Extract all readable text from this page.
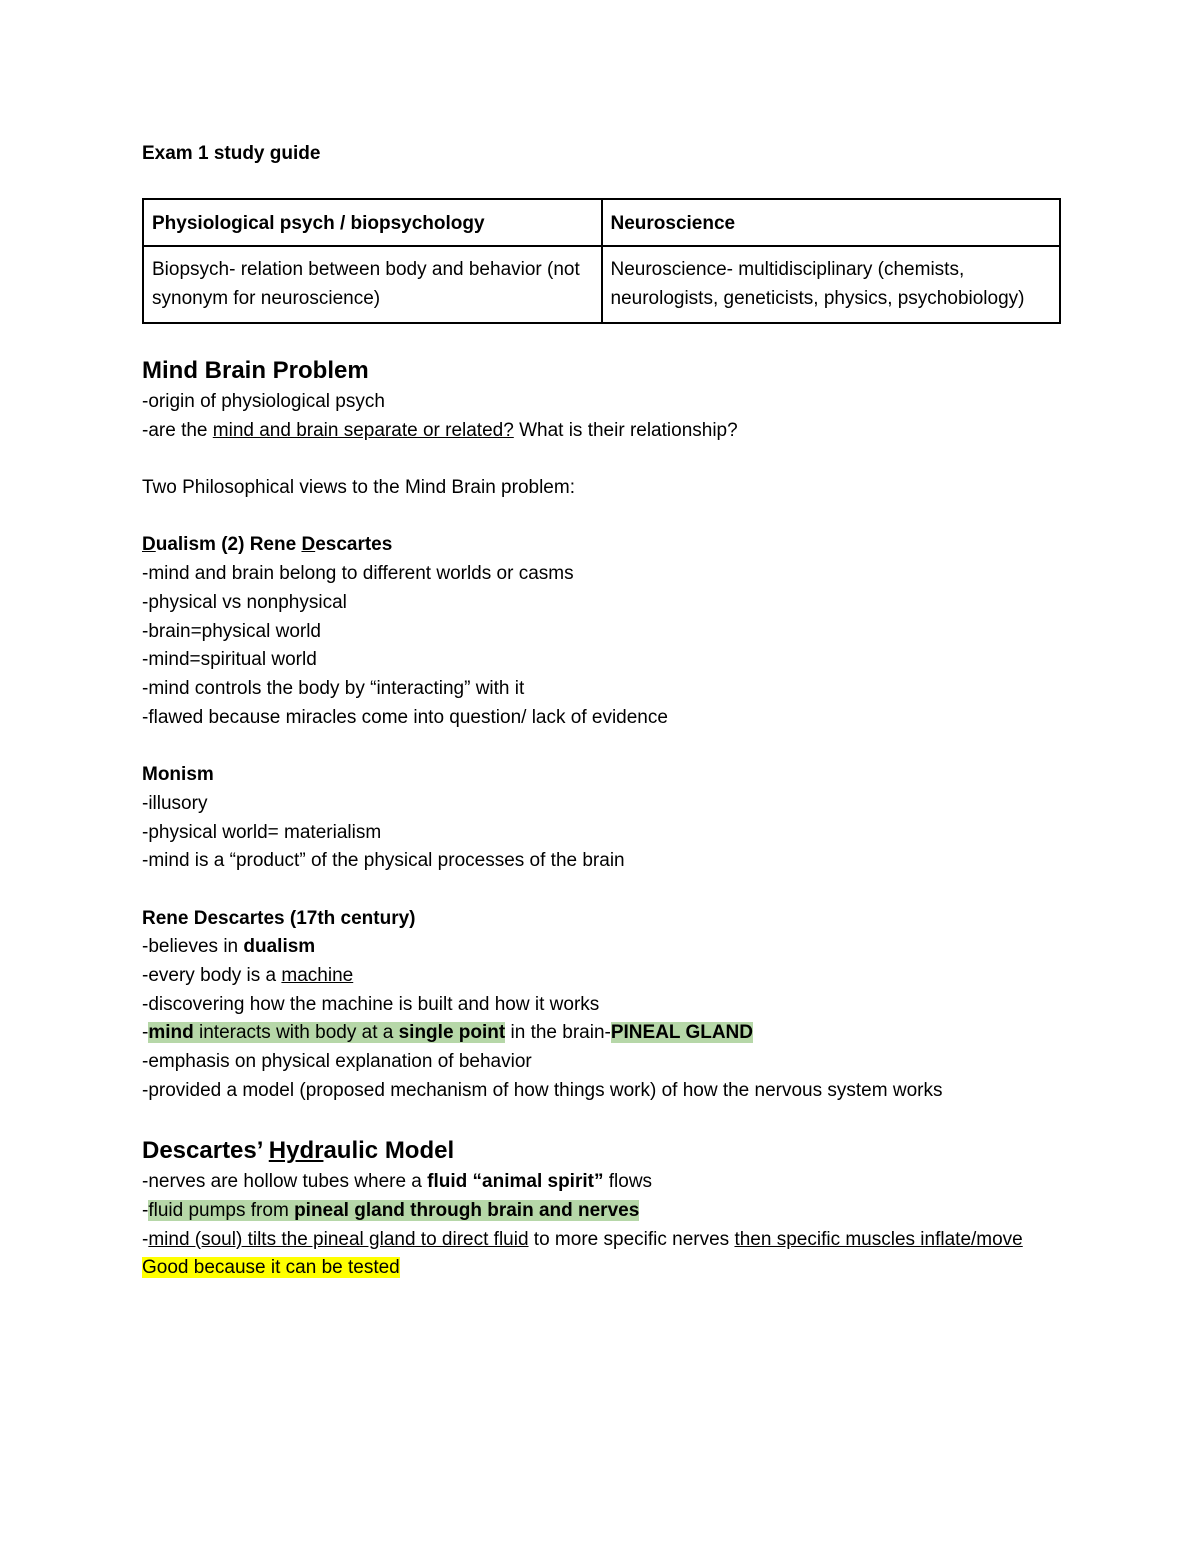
Exam 1 study guide

Physiological psych / biopsychology	Neuroscience
Biopsych- relation between body and behavior (not synonym for neuroscience)	Neuroscience- multidisciplinary (chemists, neurologists, geneticists, physics, psychobiology)
Mind Brain Problem

-origin of physiological psych

-are the mind and brain separate or related? What is their relationship?

Two Philosophical views to the Mind Brain problem:

Dualism (2) Rene Descartes

-mind and brain belong to different worlds or casms

-physical vs nonphysical

-brain=physical world

-mind=spiritual world

-mind controls the body by “interacting” with it

-flawed because miracles come into question/ lack of evidence

Monism

-illusory

-physical world= materialism

-mind is a “product” of the physical processes of the brain

Rene Descartes (17th century)

-believes in dualism

-every body is a machine

-discovering how the machine is built and how it works

-mind interacts with body at a single point in the brain-PINEAL GLAND

-emphasis on physical explanation of behavior

-provided a model (proposed mechanism of how things work) of how the nervous system works

Descartes’ Hydraulic Model

-nerves are hollow tubes where a fluid “animal spirit” flows

-fluid pumps from pineal gland through brain and nerves

-mind (soul) tilts the pineal gland to direct fluid to more specific nerves then specific muscles inflate/move

Good because it can be tested
